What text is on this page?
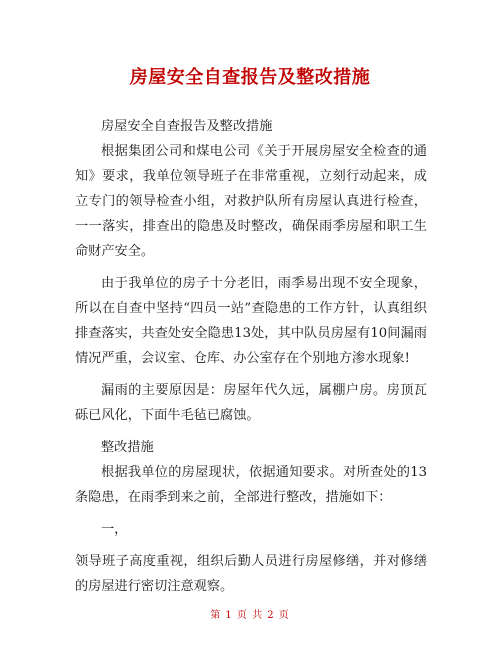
房屋安全自查报告及整改措施

房屋安全自查报告及整改措施

根据集团公司和煤电公司《关于开展房屋安全检查的通知》要求，我单位领导班子在非常重视，立刻行动起来，成立专门的领导检查小组，对救护队所有房屋认真进行检查，一一落实，排查出的隐患及时整改，确保雨季房屋和职工生命财产安全。

由于我单位的房子十分老旧，雨季易出现不安全现象，所以在自查中坚持“四员一站”查隐患的工作方针，认真组织排查落实，共查处安全隐患13处，其中队员房屋有10间漏雨情况严重，会议室、仓库、办公室存在个别地方渗水现象!

漏雨的主要原因是：房屋年代久远，属棚户房。房顶瓦砾已风化，下面牛毛毡已腐蚀。

整改措施

根据我单位的房屋现状，依据通知要求。对所查处的13条隐患，在雨季到来之前，全部进行整改，措施如下：

一，

领导班子高度重视，组织后勤人员进行房屋修缮，并对修缮的房屋进行密切注意观察。

第 1 页 共 2 页
